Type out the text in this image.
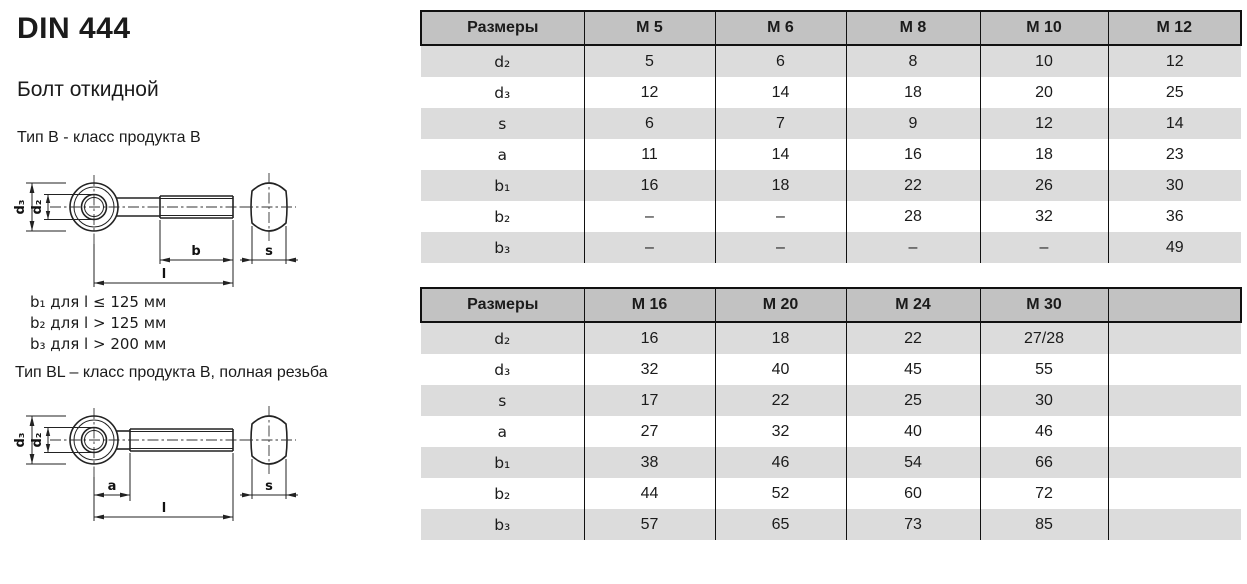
DIN 444
Болт откидной
Тип B - класс продукта B
b₁ для l ≤ 125 мм
b₂ для l > 125 мм
b₃ для l > 200 мм
Тип BL – класс продукта B, полная резьба
d₃ d₂
b
l
s
d₃ d₂
a
l
s
Размеры	M 5	M 6	M 8	M 10	M 12
d₂	5	6	8	10	12
d₃	12	14	18	20	25
s	6	7	9	12	14
a	11	14	16	18	23
b₁	16	18	22	26	30
b₂	–	–	28	32	36
b₃	–	–	–	–	49
Размеры	M 16	M 20	M 24	M 30	
d₂	16	18	22	27/28	
d₃	32	40	45	55	
s	17	22	25	30	
a	27	32	40	46	
b₁	38	46	54	66	
b₂	44	52	60	72	
b₃	57	65	73	85	
